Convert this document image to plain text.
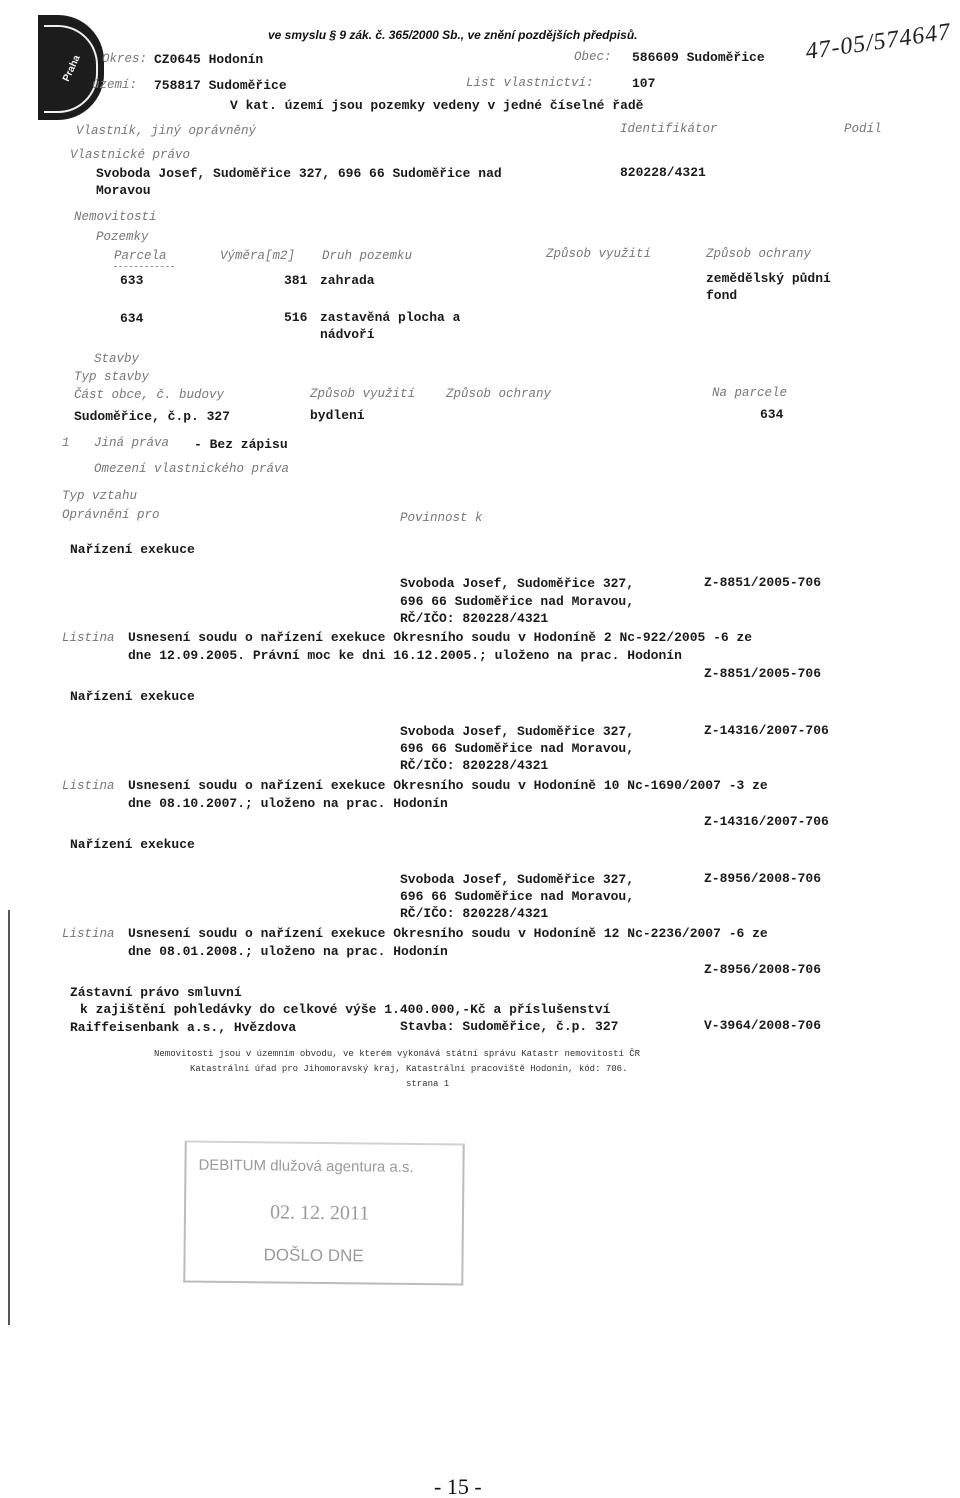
Praha
ve smyslu § 9 zák. č. 365/2000 Sb., ve znění pozdějších předpisů.	47-05/574647
Okres: CZ0645 Hodonín	Obec: 586609 Sudoměřice
území: 758817 Sudoměřice	List vlastnictví:	107
V kat. území jsou pozemky vedeny v jedné číselné řadě
Vlastník, jiný oprávněný	Identifikátor	Podíl
Vlastnické právo
Svoboda Josef, Sudoměřice 327, 696 66 Sudoměřice nad
Moravou
820228/4321
Nemovitosti
Pozemky
Parcela	Výměra[m2] Druh pozemku	Způsob využití	Způsob ochrany
633	381 zahrada	zemědělský půdní
fond
634	516 zastavěná plocha a
nádvoří
Stavby
Typ stavby
Část obce, č. budovy	Způsob využití Způsob ochrany	Na parcele
Sudoměřice, č.p. 327	bydlení	634
1 Jiná práva - Bez zápisu
Omezení vlastnického práva
Typ vztahu
Oprávnění pro	Povinnost k
Nařízení exekuce
Svoboda Josef, Sudoměřice 327,
696 66 Sudoměřice nad Moravou,
RČ/IČO: 820228/4321
Z-8851/2005-706
Listina Usnesení soudu o nařízení exekuce Okresního soudu v Hodoníně 2 Nc-922/2005 -6 ze
dne 12.09.2005. Právní moc ke dni 16.12.2005.; uloženo na prac. Hodonín
Z-8851/2005-706
Nařízení exekuce
Svoboda Josef, Sudoměřice 327,
696 66 Sudoměřice nad Moravou,
RČ/IČO: 820228/4321
Z-14316/2007-706
Listina Usnesení soudu o nařízení exekuce Okresního soudu v Hodoníně 10 Nc-1690/2007 -3 ze
dne 08.10.2007.; uloženo na prac. Hodonín
Z-14316/2007-706
Nařízení exekuce
Svoboda Josef, Sudoměřice 327,
696 66 Sudoměřice nad Moravou,
RČ/IČO: 820228/4321
Z-8956/2008-706
Listina Usnesení soudu o nařízení exekuce Okresního soudu v Hodoníně 12 Nc-2236/2007 -6 ze
dne 08.01.2008.; uloženo na prac. Hodonín
Z-8956/2008-706
Zástavní právo smluvní
k zajištění pohledávky do celkové výše 1.400.000,-Kč a příslušenství
Raiffeisenbank a.s., Hvězdova	Stavba: Sudoměřice, č.p. 327	V-3964/2008-706
Nemovitosti jsou v územním obvodu, ve kterém vykonává státní správu Katastr nemovitostí ČR
Katastrální úřad pro Jihomoravský kraj, Katastrální pracoviště Hodonín, kód: 706.
strana 1
DEBITUM dlužová agentura a.s.
02. 12. 2011
DOŠLO DNE
- 15 -
